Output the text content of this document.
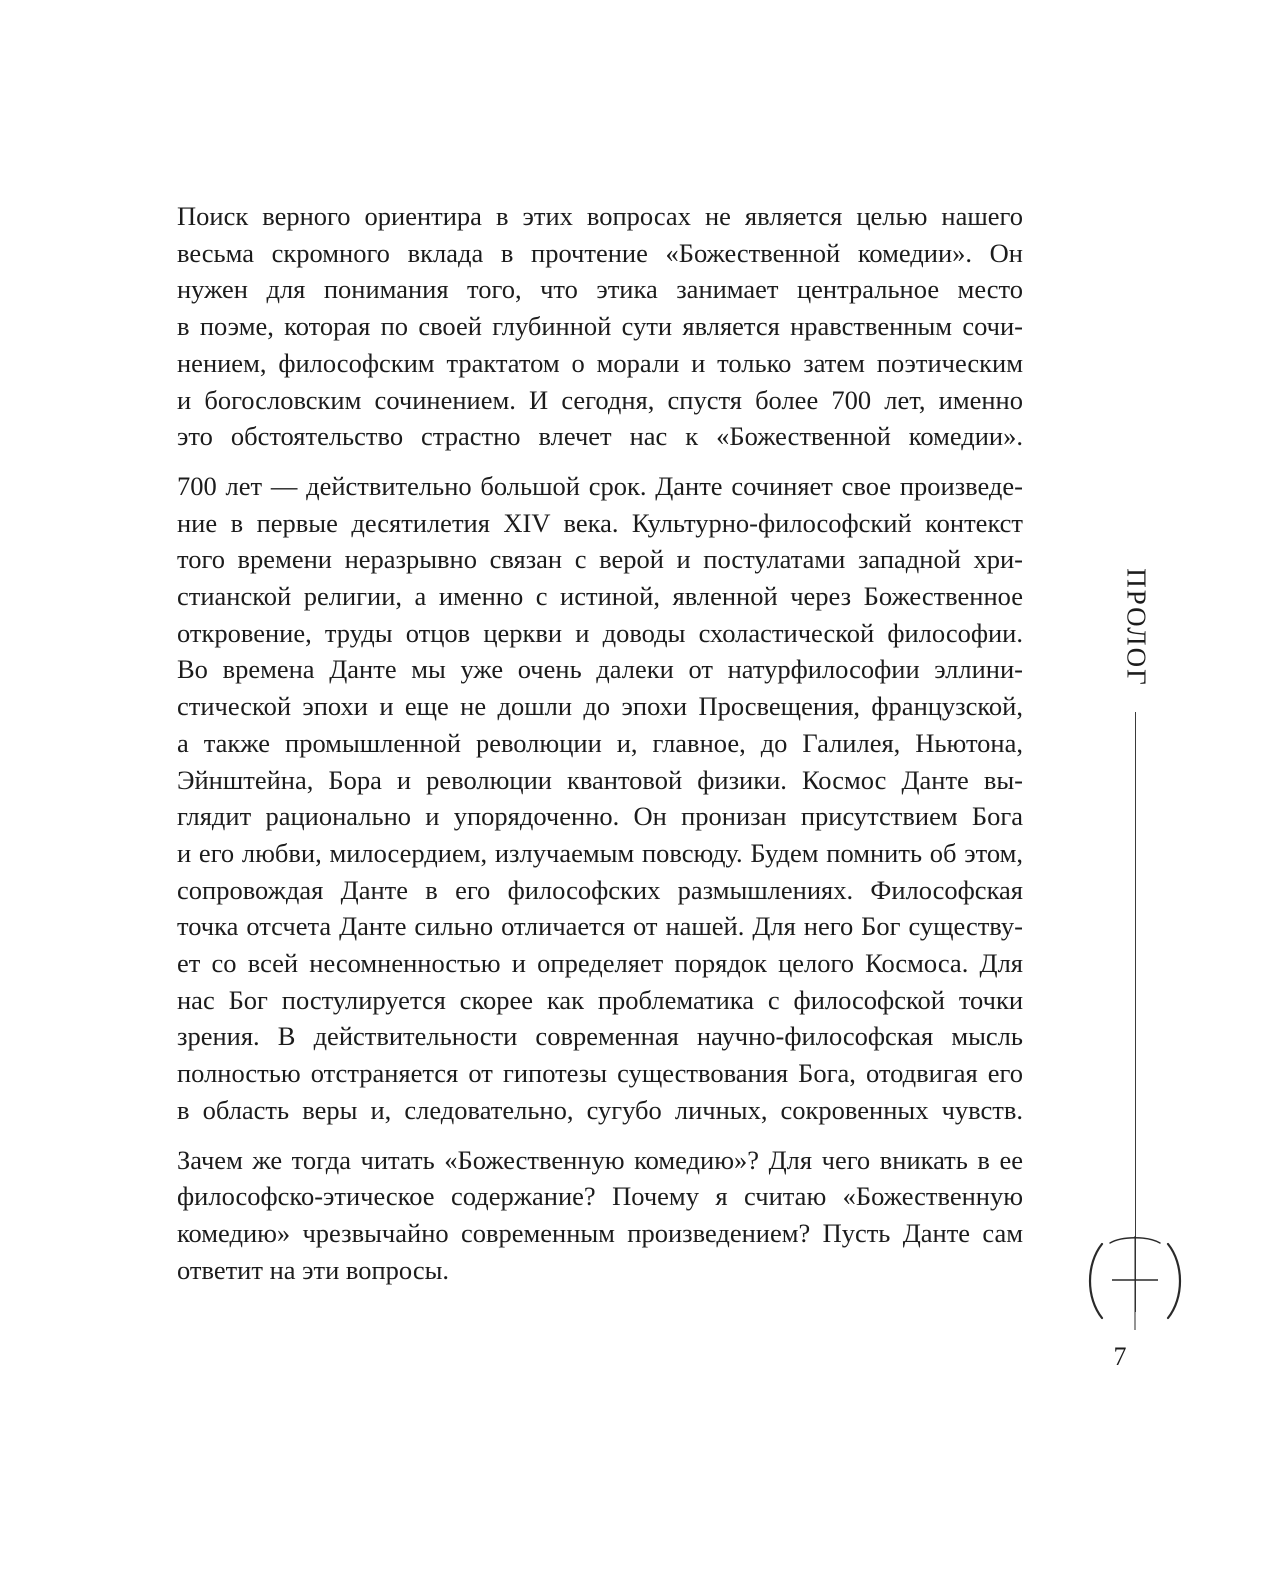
Поиск верного ориентира в этих вопросах не является целью нашего
весьма скромного вклада в прочтение «Божественной комедии». Он
нужен для понимания того, что этика занимает центральное место
в поэме, которая по своей глубинной сути является нравственным сочи-
нением, философским трактатом о морали и только затем поэтическим
и богословским сочинением. И сегодня, спустя более 700 лет, именно
это обстоятельство страстно влечет нас к «Божественной комедии».

700 лет — действительно большой срок. Данте сочиняет свое произведе-
ние в первые десятилетия XIV века. Культурно-философский контекст
того времени неразрывно связан с верой и постулатами западной хри-
стианской религии, а именно с истиной, явленной через Божественное
откровение, труды отцов церкви и доводы схоластической философии.
Во времена Данте мы уже очень далеки от натурфилософии эллини-
стической эпохи и еще не дошли до эпохи Просвещения, французской,
а также промышленной революции и, главное, до Галилея, Ньютона,
Эйнштейна, Бора и революции квантовой физики. Космос Данте вы-
глядит рационально и упорядоченно. Он пронизан присутствием Бога
и его любви, милосердием, излучаемым повсюду. Будем помнить об этом,
сопровождая Данте в его философских размышлениях. Философская
точка отсчета Данте сильно отличается от нашей. Для него Бог существу-
ет со всей несомненностью и определяет порядок целого Космоса. Для
нас Бог постулируется скорее как проблематика с философской точки
зрения. В действительности современная научно-философская мысль
полностью отстраняется от гипотезы существования Бога, отодвигая его
в область веры и, следовательно, сугубо личных, сокровенных чувств.

Зачем же тогда читать «Божественную комедию»? Для чего вникать в ее
философско-этическое содержание? Почему я считаю «Божественную
комедию» чрезвычайно современным произведением? Пусть Данте сам
ответит на эти вопросы.

ПРОЛОГ
7
